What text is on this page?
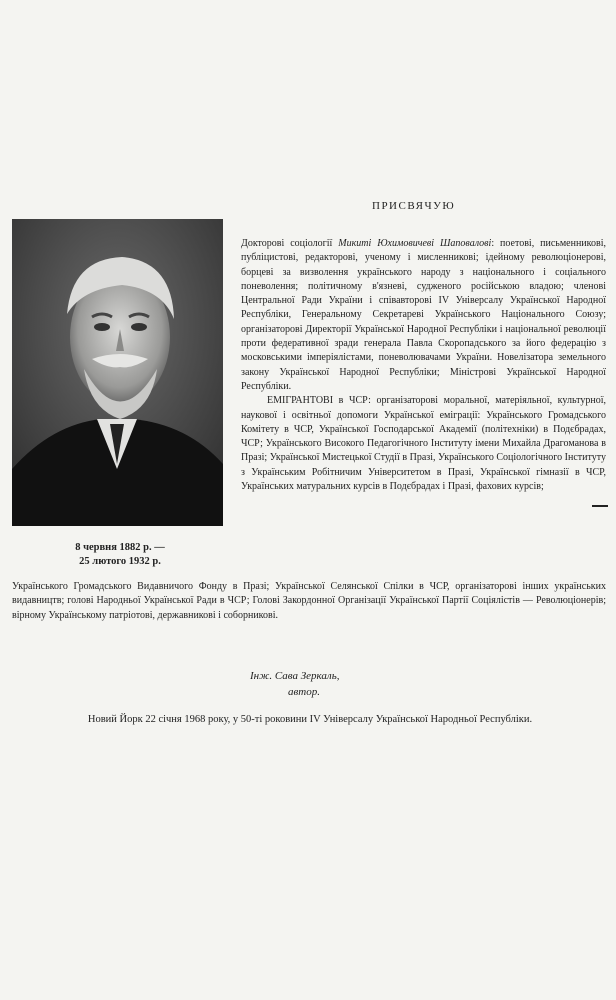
ПРИСВЯЧУЮ
8 червня 1882 р. —
25 лютого 1932 р.

Докторові соціології Микиті Юхимовичеві Шаповалові: поетові, письменникові, публіцистові, редакторові, ученому і мисленникові; ідейному революціонерові, борцеві за визволення українського народу з національного і соціального поневолення; політичному в'язневі, судженого російською владою; членові Центральної Ради України і співавторові IV Універсалу Української Народної Республіки, Генеральному Секретареві Українського Національного Союзу; організаторові Директорії Української Народної Республіки і національної революції проти федеративної зради генерала Павла Скоропадського за його федерацію з московськими імперіялістами, поневолювачами України. Новелізатора земельного закону Української Народної Республіки; Міністрові Української Народної Республіки.

ЕМІГРАНТОВІ в ЧСР: організаторові моральної, матеріяльної, культурної, наукової і освітньої допомоги Української еміграції: Українського Громадського Комітету в ЧСР, Української Господарської Академії (політехніки) в Подєбрадах, ЧСР; Українського Високого Педагогічного Інституту імени Михайла Драгоманова в Празі; Української Мистецької Студії в Празі, Українського Соціологічного Інституту з Українським Робітничим Університетом в Празі, Української гімназії в ЧСР, Українських матуральних курсів в Подєбрадах і Празі, фахових курсів;

Українського Громадського Видавничого Фонду в Празі; Української Селянської Спілки в ЧСР, організаторові інших українських видавництв; голові Народньої Української Ради в ЧСР; Голові Закордонної Організації Української Партії Соціялістів — Революціонерів; вірному Українському патріотові, державникові і соборникові.
Інж. Сава Зеркаль,
автор.
Новий Йорк 22 січня 1968 року, у 50-ті роковини IV Універсалу Української Народньої Республіки.
